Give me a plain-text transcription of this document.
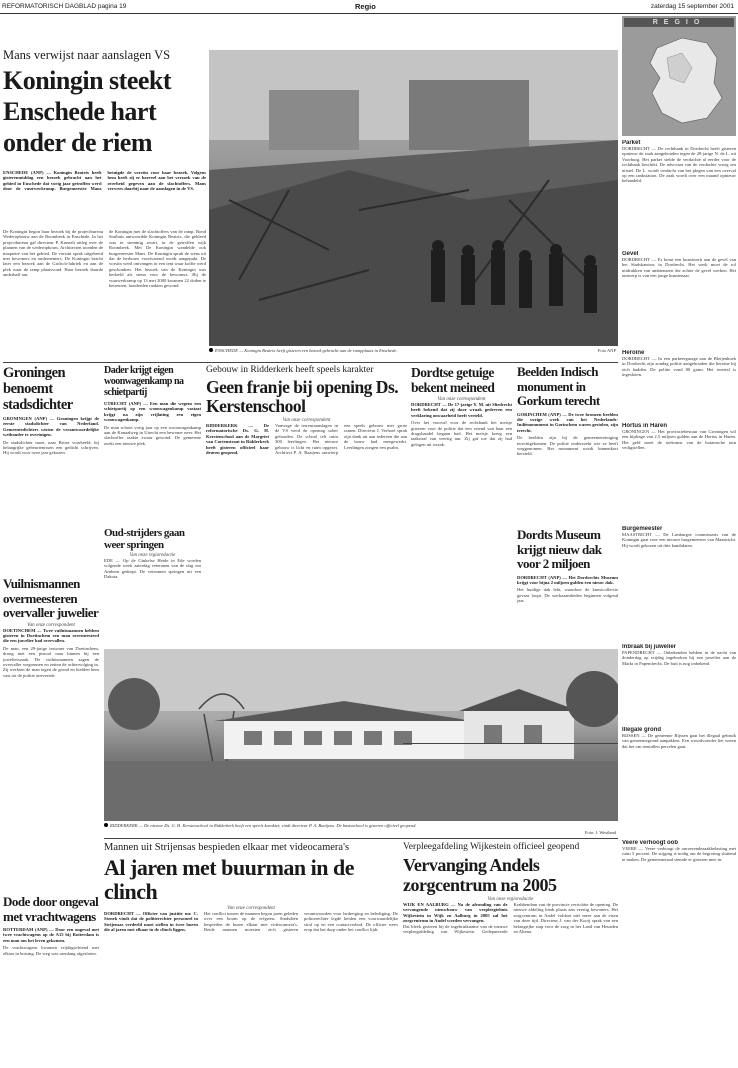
REFORMATORISCH DAGBLAD pagina 19	Regio	zaterdag 15 september 2001
Mans verwijst naar aanslagen VS
Koningin steekt Enschede hart onder de riem
ENSCHEDE (ANP) — Koningin Beatrix heeft gisterenmiddag een bezoek gebracht aan het gebied in Enschede dat vorig jaar getroffen werd door de vuurwerkramp. Burgemeester Mans betuigde de vorstin voor haar bezoek. Volgens hem heeft zij er hoeveel aan het verzoek van de overheid gegeven aan de slachtoffers. Mans verwees daarbij naar de aanslagen in de VS.
De Koningin begon haar bezoek bij de projectbureau Wederopbouw aan de Roombeek in Enschede. In het projectbureau gaf directeur P. Kuenzli uitleg over de plannen van de wederopbouw. Architecten toonden de maquette van het gebied. De vorstin sprak uitgebreid met bewoners en ondernemers. De Koningin bracht later een bezoek aan de Grolsch-fabriek en aan de plek waar de ramp plaatsvond. Haar bezoek duurde anderhalf uur.
de Koningin met de slachtoffers van de ramp. Bond Stafhuis antwoordde Koningin Beatrix, die gekleed was in stemmig zwart, in de getroffen wijk Roombeek. Met De Koningin wandelde ook burgemeester Mans. De Koningin sprak de wens uit dat de herbouw voortvarend wordt aangepakt. De vorstin werd ontvangen in een tent waar koffie werd geschonken. Het bezoek van de Koningin was bedoeld als steun voor de bewoners. Bij de vuurwerkramp op 13 mei 2000 kwamen 22 doden te betreuren, honderden raakten gewond.
ENSCHEDE — Koningin Beatrix heeft gisteren een bezoek gebracht aan de rampplaats in Enschede.	Foto ANP
REGIO
Parket
DORDRECHT — De rechtbank in Dordrecht heeft gisteren opnieuw de zaak aangehouden tegen de 28-jarige N. de L. uit Voorburg. Het parket stelde de verdachte al eerder voor de rechtbank beschikt. De advocaat van de verdachte vroeg om uitstel. De L. wordt verdacht van het plegen van een overval op een tankstation. De zaak wordt over een maand opnieuw behandeld.
Gevel
DORDRECHT — Er komt een kunstwerk aan de gevel van het Stadskantoor in Dordrecht. Het werk moet de rol uitdrukken van ambtenaren die achter de gevel werken. Het ontwerp is van een jonge kunstenaar.
Heroïne
DORDRECHT — In een parkeergarage aan de Bleijenhoek in Dordrecht zijn zondag politie aangehouden die heroïne bij zich hadden. De politie vond 80 gram. Het tweetal is ingesloten.
Hortus in Haren
GRONINGEN — Het provinciebestuur van Groningen wil een bijdrage van 2,5 miljoen gulden aan de Hortus in Haren. Het geld moet de toekomst van de botanische tuin veiligstellen.
Burgemeester
MAASTRICHT — De Limburgse commissaris van de Koningin gaat voor een nieuwe burgemeester van Maastricht. Hij wordt gekozen uit drie kandidaten.
Inbraak bij juwelier
PAPENDRECHT — Onbekenden hebben in de nacht van donderdag op vrijdag ingebroken bij een juwelier aan de Markt in Papendrecht. De buit is nog onbekend.
Illegale grond
RIJSSEN — De gemeente Rijssen gaat het illegaal gebruik van gemeentegrond aanpakken. Een woordvoerder liet weten dat het om tientallen percelen gaat.
Veere verhoogt oob
VEERE — Veere verhoogt de onroerendezaakbelasting met ruim 5 procent. De stijging is nodig om de begroting sluitend te maken. De gemeenteraad stemde er gisteren mee in.
Groningen benoemt stadsdichter
GRONINGEN (ANP) — Groningen krijgt de eerste stadsdichter van Nederland. Gemeentedichters wisten de verantwoordelijke wethouder te overtuigen.
De stadsdichter moet, naar Britse voorbeeld, bij belangrijke gebeurtenissen een gedicht schrijven. Hij wordt voor twee jaar gekozen.
Dader krijgt eigen woonwagenkamp na schietpartij
UTRECHT (ANP) — Een man die wegens een schietpartij op een woonwagenkamp vastzat krijgt na zijn vrijlating een eigen woonwagenkamp.
De man schoot vorig jaar op een woonwagenkamp aan de Kanaalweg in Utrecht een bewoner neer. Het slachtoffer raakte zwaar gewond. De gemeente zoekt een nieuwe plek.
Oud-strijders gaan weer springen
Van onze regioredactie
EDE — Op de Ginkelse Heide in Ede worden volgende week zaterdag veteranen van de slag om Arnhem gedropt. De veteranen springen uit een Dakota.
Gebouw in Ridderkerk heeft speels karakter
Geen franje bij opening Ds. Kerstenschool
Van onze correspondent
RIDDERKERK — De reformatorische Ds. G. H. Kerstenschool aan de Margriet van Cortenstraat in Ridderkerk heeft gisteren officieel haar deuren geopend.
Vanwege de terreuraanslagen in de VS werd de opening sober gehouden. De school telt ruim 300 leerlingen. Het nieuwe gebouw is licht en ruim opgezet. Architect P. A. Baaijens ontwierp een speels gebouw met grote ramen. Directeur J. Verhoef sprak zijn dank uit aan iedereen die aan de bouw had meegewerkt. Leerlingen zongen een psalm.
Dordtse getuige bekent meineed
Van onze correspondent
DORDRECHT — De 17-jarige Y. M. uit Sliedrecht heeft bekend dat zij door wraak gedreven een verklaring onwaarheid heeft verteld.
Over het voorval voor de rechtbank het meisje gisteren voor de politie dat een vriend van haar een drugshandel begaan had. Het meisje kreeg een taakstraf van veertig uur. Zij gaf toe dat zij had gelogen uit wraak.
Beelden Indisch monument in Gorkum terecht
GORINCHEM (ANP) — De twee bronzen beelden die vorige week van het Nederlands-Indiëmonument in Gorinchem waren gestolen, zijn terecht.
De beelden zijn bij de gemeentereiniging terechtgekomen. De politie onderzoekt wie ze heeft weggenomen. Het monument wordt binnenkort hersteld.
Dordts Museum krijgt nieuw dak voor 2 miljoen
DORDRECHT (ANP) — Het Dordrechts Museum krijgt voor bijna 2 miljoen gulden een nieuw dak.
Het huidige dak lekt, waardoor de kunstcollectie gevaar loopt. De werkzaamheden beginnen volgend jaar.
Vuilnismannen overmeesteren overvaller juwelier
Van onze correspondent
DOETINCHEM — Twee vuilnismannen hebben gisteren in Doetinchem een man overmeesterd die een juwelier had overvallen.
De man, een 29-jarige inwoner van Doetinchem, drong met een pistool naar binnen bij een juwelierszaak. De vuilnismannen zagen de overvaller wegrennen en zetten de achtervolging in. Zij werkten de man tegen de grond en hielden hem vast tot de politie arriveerde.
RIDDERKERK — De nieuwe Ds. G. H. Kerstenschool in Ridderkerk heeft een speels karakter, vindt directeur P. A. Baaijens. De basisschool is gisteren officieel geopend.
Foto: J. Westland
Dode door ongeval met vrachtwagens
ROTTERDAM (ANP) — Door een ongeval met twee vrachtwagens op de A15 bij Rotterdam is een man om het leven gekomen.
De vrachtwagens kwamen vrijdagochtend met elkaar in botsing. De weg was urenlang afgesloten.
Mannen uit Strijensas bespieden elkaar met videocamera's
Al jaren met buurman in de clinch
Van onze correspondent
DORDRECHT — Officier van justitie mr. C. Stenek vindt dat de politierechter personeel in Strijensas verdeeld moet stellen in twee buren die al jaren met elkaar in de clinch liggen.
Het conflict tussen de mannen begon jaren geleden over een boom op de erfgrens. Sindsdien bespieden de buren elkaar met videocamera's. Beide mannen moesten zich gisteren verantwoorden voor bedreiging en belediging. De politierechter legde beiden een voorwaardelijke straf op en een contactverbod. De officier wees erop dat het dorp onder het conflict lijdt.
Verpleegafdeling Wijkestein officieel geopend
Vervanging Andels zorgcentrum na 2005
Van onze regioredactie
WIJK EN AALBURG — Na de afronding van de vervangende nieuwbouw van verpleegtehuis Wijkestein in Wijk en Aalburg in 2005 zal het zorgcentrum in Andel worden vervangen.
Dat bleek gisteren bij de ingebruikname van de nieuwe verpleegafdeling van Wijkestein. Gedeputeerde Krabbendam van de provincie verrichtte de opening. De nieuwe afdeling biedt plaats aan veertig bewoners. Het zorgcentrum in Andel voldoet niet meer aan de eisen van deze tijd. Directeur J. van der Kooij sprak van een belangrijke stap voor de zorg in het Land van Heusden en Altena.
